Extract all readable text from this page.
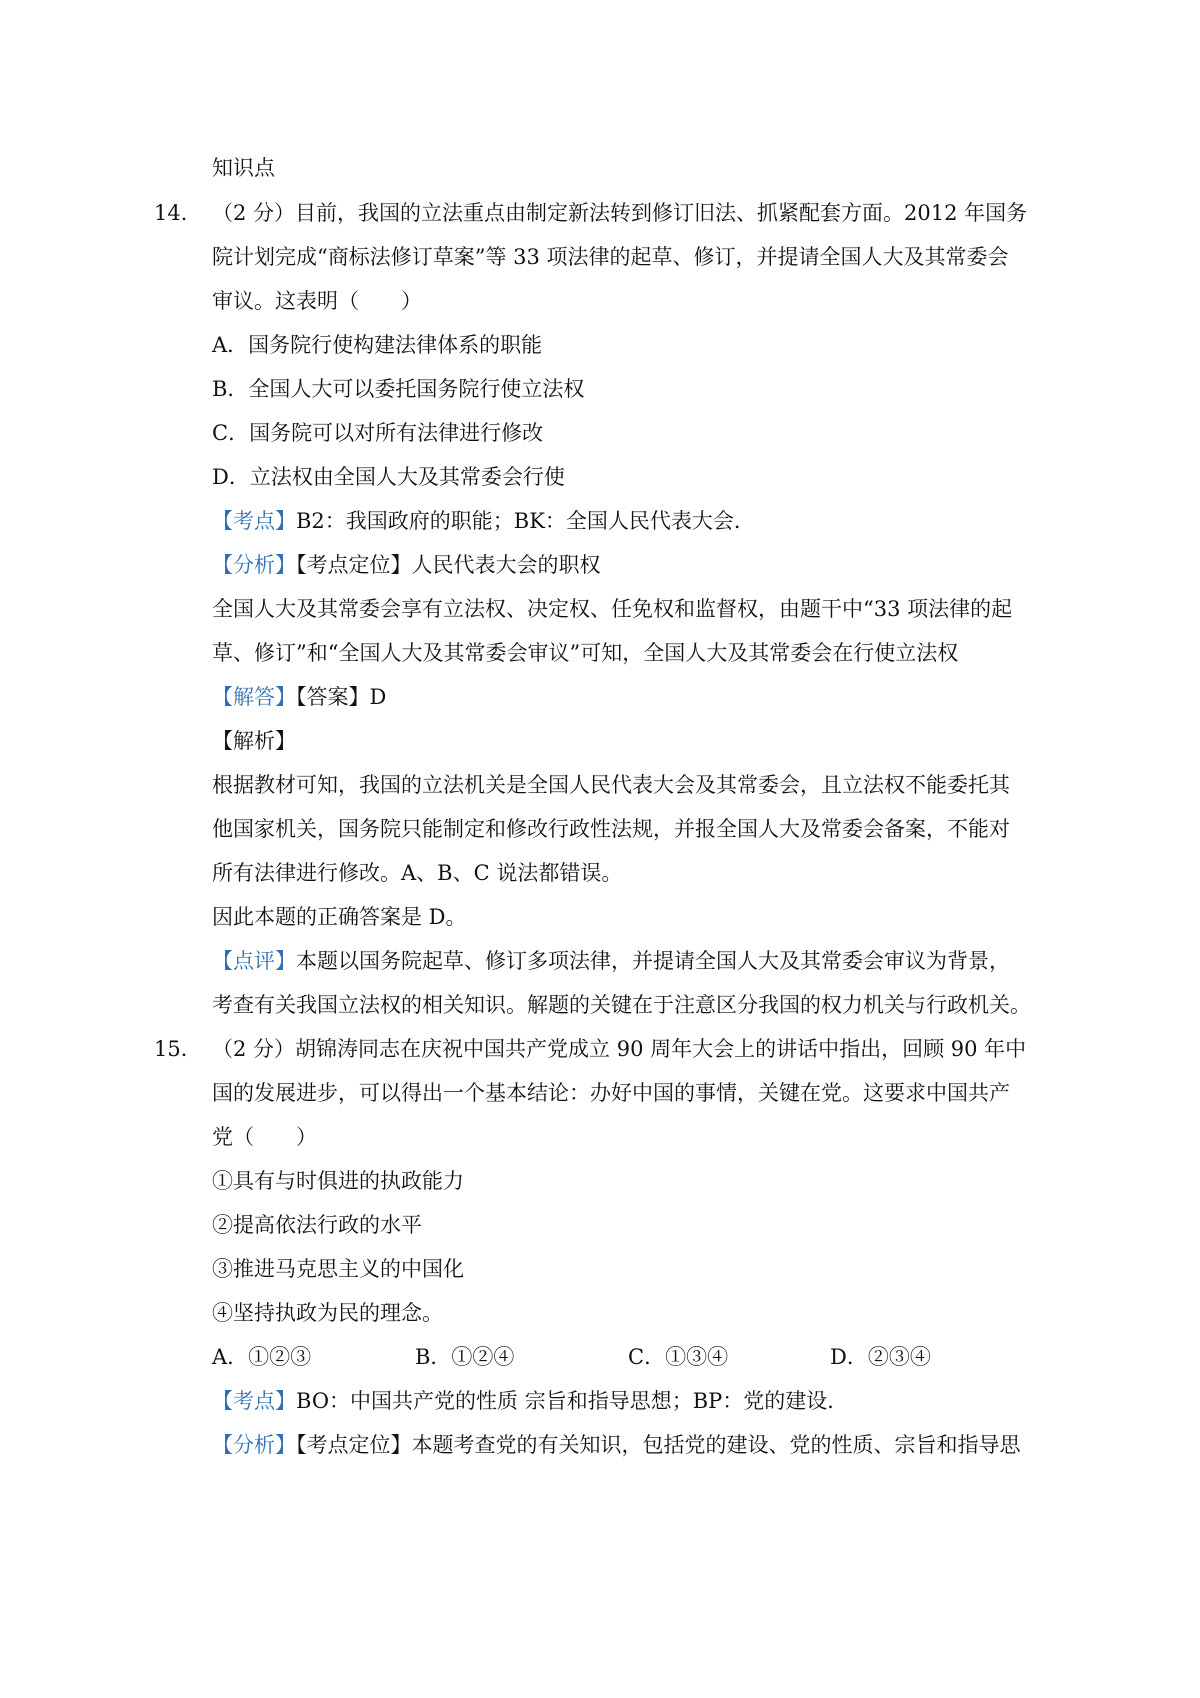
知识点
14． （2 分）目前，我国的立法重点由制定新法转到修订旧法、抓紧配套方面。2012 年国务
院计划完成“商标法修订草案”等 33 项法律的起草、修订，并提请全国人大及其常委会
审议。这表明（　　）
A．国务院行使构建法律体系的职能
B．全国人大可以委托国务院行使立法权
C．国务院可以对所有法律进行修改
D．立法权由全国人大及其常委会行使
【考点】B2：我国政府的职能；BK：全国人民代表大会．
【分析】【考点定位】人民代表大会的职权
全国人大及其常委会享有立法权、决定权、任免权和监督权，由题干中“33 项法律的起
草、修订”和“全国人大及其常委会审议”可知，全国人大及其常委会在行使立法权
【解答】【答案】D
【解析】
根据教材可知，我国的立法机关是全国人民代表大会及其常委会，且立法权不能委托其
他国家机关，国务院只能制定和修改行政性法规，并报全国人大及常委会备案，不能对
所有法律进行修改。A、B、C 说法都错误。
因此本题的正确答案是 D。
【点评】本题以国务院起草、修订多项法律，并提请全国人大及其常委会审议为背景，
考查有关我国立法权的相关知识。解题的关键在于注意区分我国的权力机关与行政机关。
15． （2 分）胡锦涛同志在庆祝中国共产党成立 90 周年大会上的讲话中指出，回顾 90 年中
国的发展进步，可以得出一个基本结论：办好中国的事情，关键在党。这要求中国共产
党（　　）
①具有与时俱进的执政能力
②提高依法行政的水平
③推进马克思主义的中国化
④坚持执政为民的理念。
A．①②③	B．①②④	C．①③④	D．②③④
【考点】BO：中国共产党的性质 宗旨和指导思想；BP：党的建设．
【分析】【考点定位】本题考查党的有关知识，包括党的建设、党的性质、宗旨和指导思
